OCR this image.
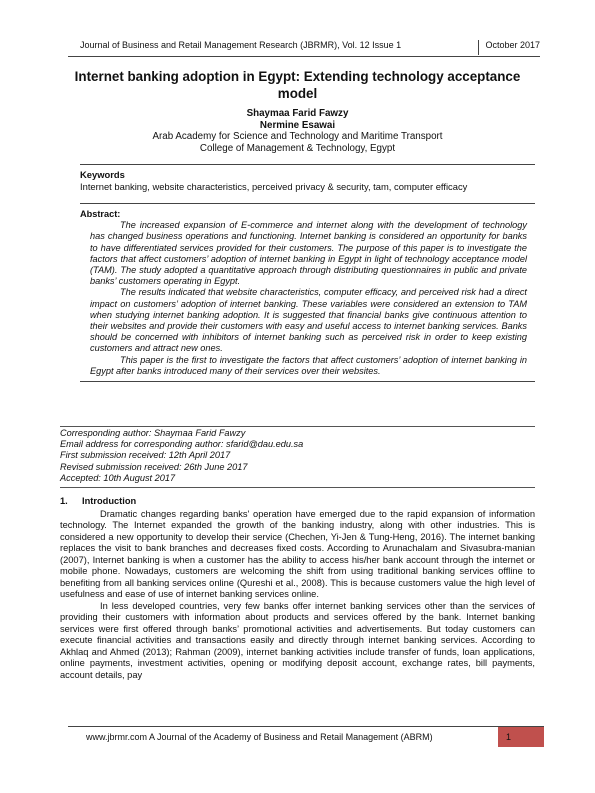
Journal of Business and Retail Management Research (JBRMR), Vol. 12 Issue 1	October 2017
Internet banking adoption in Egypt: Extending technology acceptance model
Shaymaa Farid Fawzy
Nermine Esawai
Arab Academy for Science and Technology and Maritime Transport
College of Management & Technology, Egypt
Keywords
Internet banking, website characteristics, perceived privacy & security, tam, computer efficacy
Abstract:

The increased expansion of E-commerce and internet along with the development of technology has changed business operations and functioning. Internet banking is considered an opportunity for banks to have differentiated services provided for their customers. The purpose of this paper is to investigate the factors that affect customers’ adoption of internet banking in Egypt in light of technology acceptance model (TAM). The study adopted a quantitative approach through distributing questionnaires in public and private banks’ customers operating in Egypt.

The results indicated that website characteristics, computer efficacy, and perceived risk had a direct impact on customers’ adoption of internet banking. These variables were considered an extension to TAM when studying internet banking adoption. It is suggested that financial banks give continuous attention to their websites and provide their customers with easy and useful access to internet banking services. Banks should be concerned with inhibitors of internet banking such as perceived risk in order to keep existing customers and attract new ones.

This paper is the first to investigate the factors that affect customers’ adoption of internet banking in Egypt after banks introduced many of their services over their websites.

Corresponding author: Shaymaa Farid Fawzy
Email address for corresponding author: sfarid@dau.edu.sa
First submission received: 12th April 2017
Revised submission received: 26th June 2017
Accepted: 10th August 2017
1. Introduction

Dramatic changes regarding banks' operation have emerged due to the rapid expansion of information technology. The Internet expanded the growth of the banking industry, along with other industries. This is considered a new opportunity to develop their service (Chechen, Yi-Jen & Tung-Heng, 2016). The internet banking replaces the visit to bank branches and decreases fixed costs. According to Arunachalam and Sivasubra-manian (2007), Internet banking is when a customer has the ability to access his/her bank account through the internet or mobile phone. Nowadays, customers are welcoming the shift from using traditional banking services offline to benefiting from all banking services online (Qureshi et al., 2008). This is because customers value the high level of usefulness and ease of use of internet banking services online.

In less developed countries, very few banks offer internet banking services other than the services of providing their customers with information about products and services offered by the bank. Internet banking services were first offered through banks’ promotional activities and advertisements. But today customers can execute financial activities and transactions easily and directly through internet banking services. According to Akhlaq and Ahmed (2013); Rahman (2009), internet banking activities include transfer of funds, loan applications, online payments, investment activities, opening or modifying deposit account, exchange rates, bill payments, account details, pay

www.jbrmr.com A Journal of the Academy of Business and Retail Management (ABRM)	1
